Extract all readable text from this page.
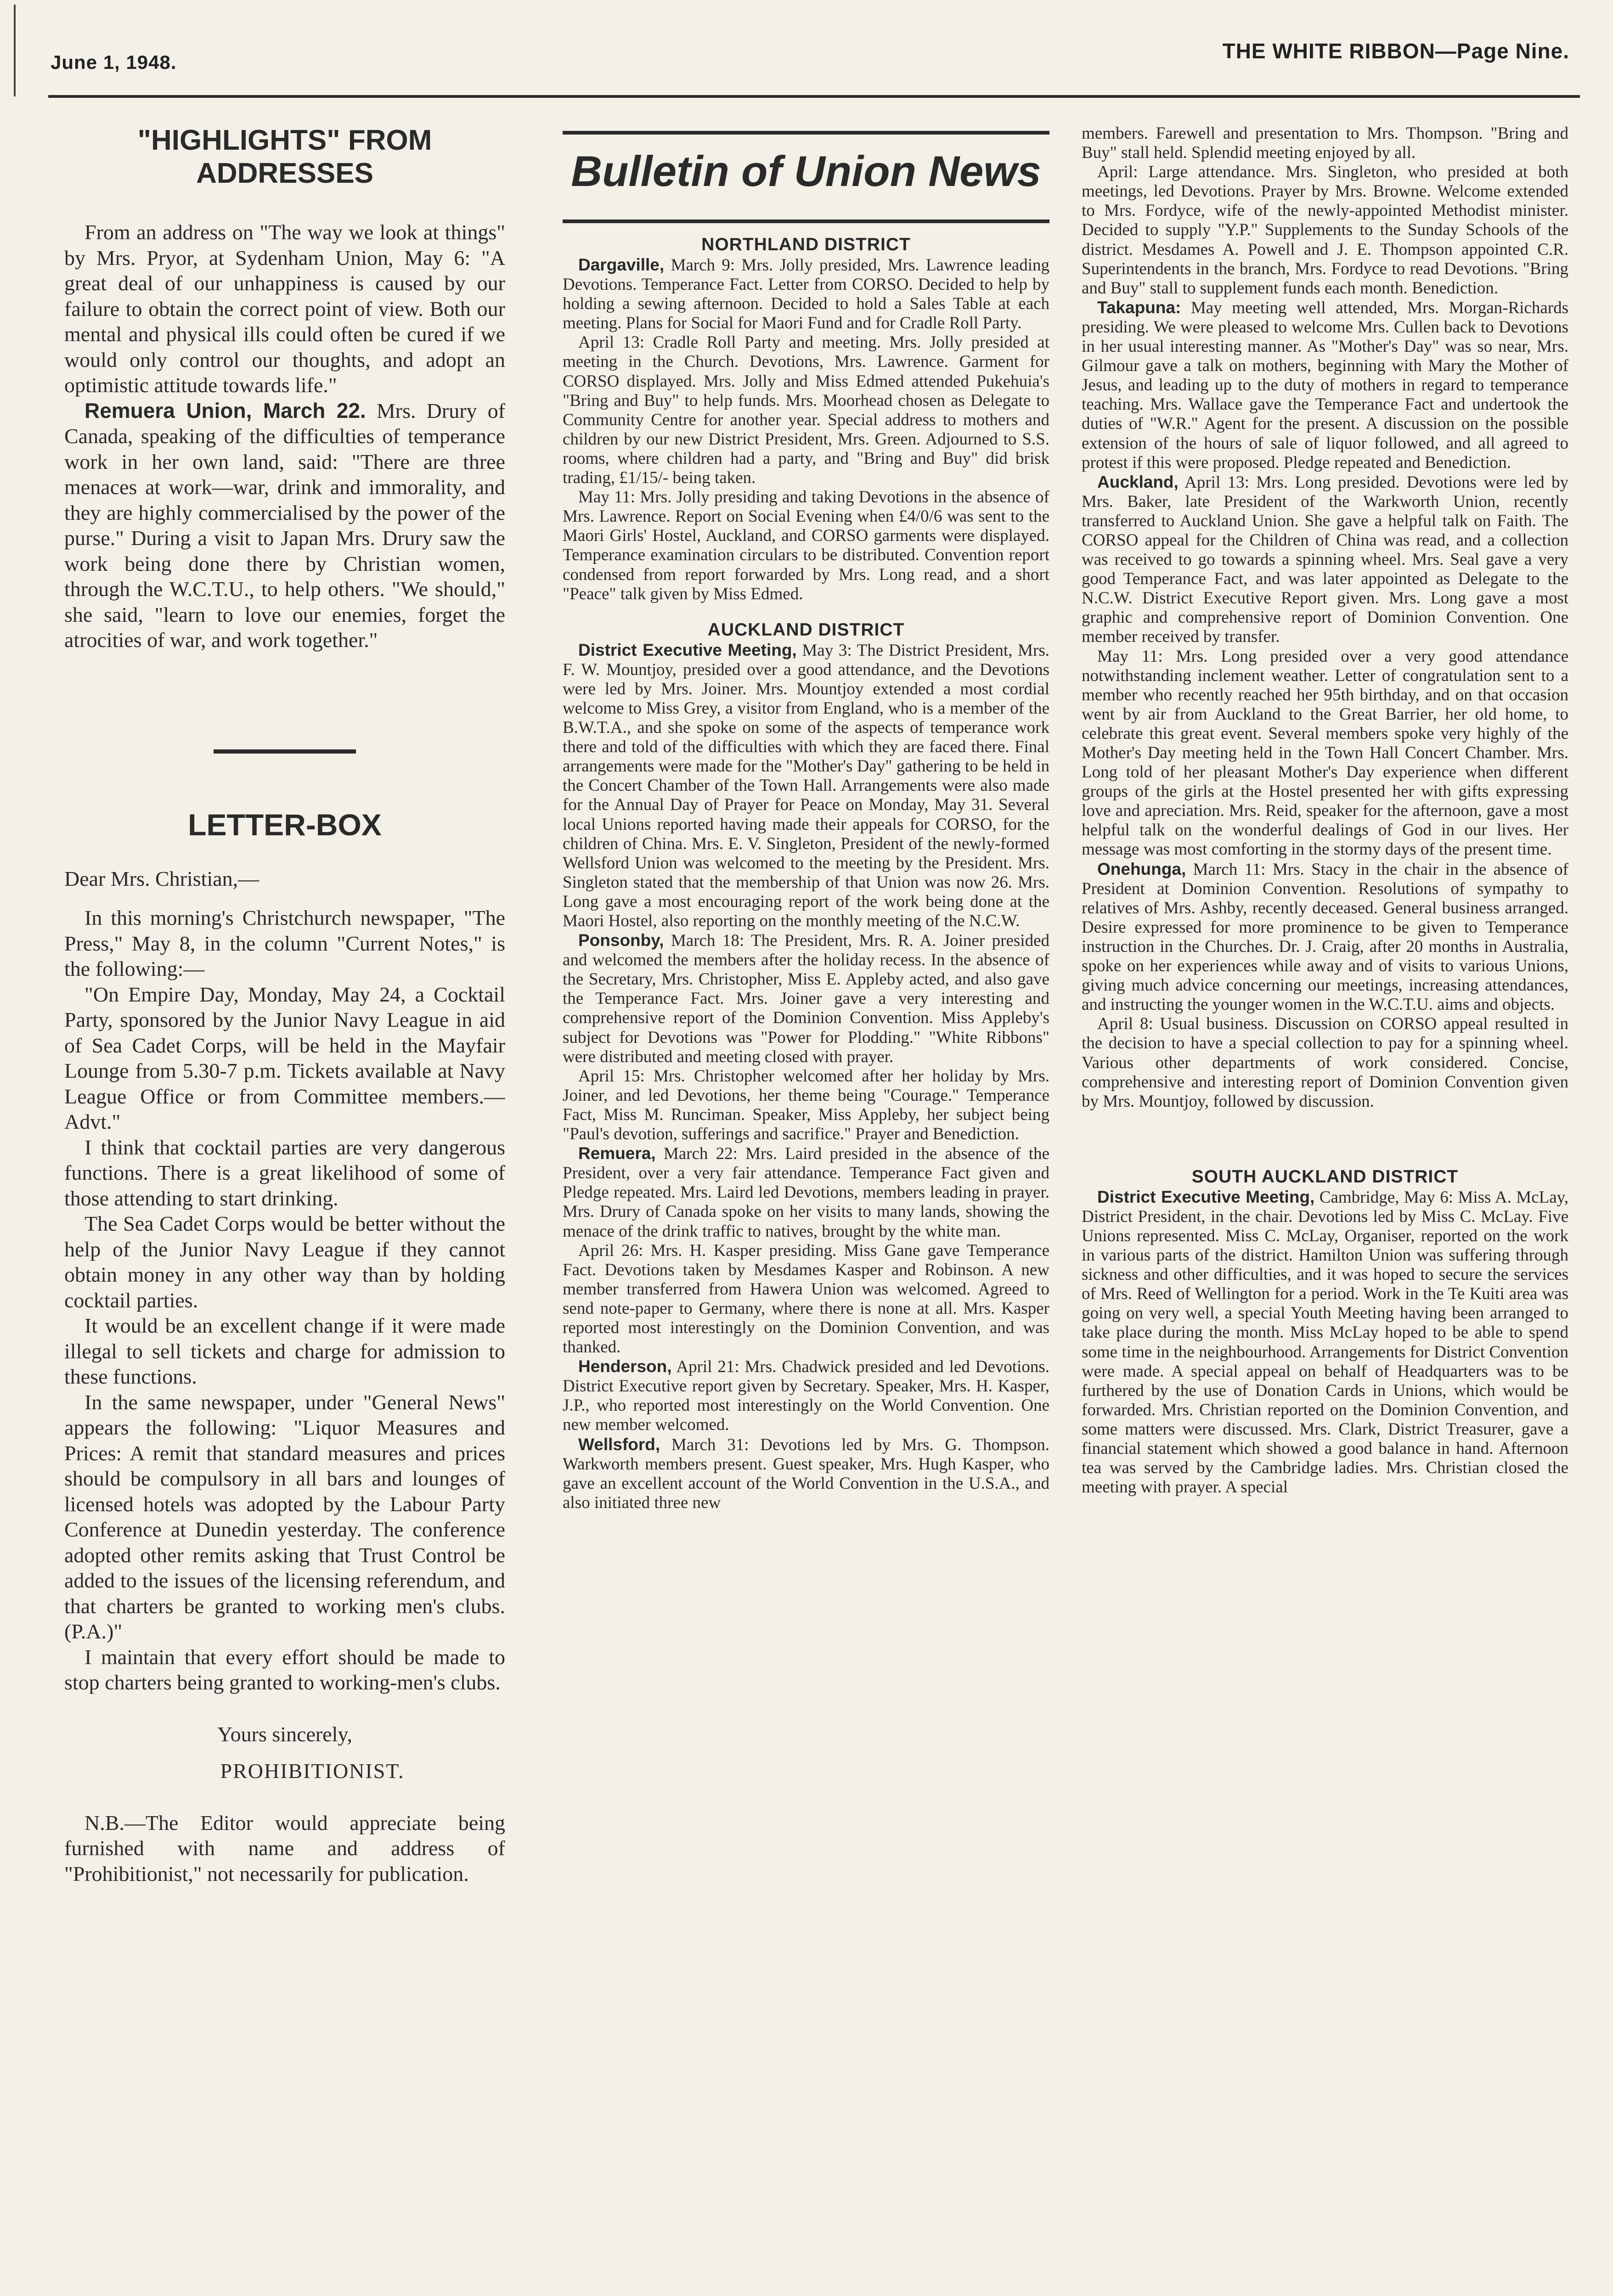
June 1, 1948.	THE WHITE RIBBON—Page Nine.

"HIGHLIGHTS" FROM

ADDRESSES

From an address on "The way we look at things" by Mrs. Pryor, at Sydenham Union, May 6: "A great deal of our unhappiness is caused by our failure to obtain the correct point of view. Both our mental and physical ills could often be cured if we would only control our thoughts, and adopt an optimistic attitude towards life."

Remuera Union, March 22. Mrs. Drury of Canada, speaking of the difficulties of temperance work in her own land, said: "There are three menaces at work—war, drink and immorality, and they are highly commercialised by the power of the purse." During a visit to Japan Mrs. Drury saw the work being done there by Christian women, through the W.C.T.U., to help others. "We should," she said, "learn to love our enemies, forget the atrocities of war, and work together."

LETTER-BOX

Dear Mrs. Christian,—

In this morning's Christchurch newspaper, "The Press," May 8, in the column "Current Notes," is the following:—

"On Empire Day, Monday, May 24, a Cocktail Party, sponsored by the Junior Navy League in aid of Sea Cadet Corps, will be held in the Mayfair Lounge from 5.30-7 p.m. Tickets available at Navy League Office or from Committee members.—Advt."

I think that cocktail parties are very dangerous functions. There is a great likelihood of some of those attending to start drinking.

The Sea Cadet Corps would be better without the help of the Junior Navy League if they cannot obtain money in any other way than by holding cocktail parties.

It would be an excellent change if it were made illegal to sell tickets and charge for admission to these functions.

In the same newspaper, under "General News" appears the following: "Liquor Measures and Prices: A remit that standard measures and prices should be compulsory in all bars and lounges of licensed hotels was adopted by the Labour Party Conference at Dunedin yesterday. The conference adopted other remits asking that Trust Control be added to the issues of the licensing referendum, and that charters be granted to working men's clubs. (P.A.)"

I maintain that every effort should be made to stop charters being granted to working-men's clubs.

Yours sincerely,

PROHIBITIONIST.

N.B.—The Editor would appreciate being furnished with name and address of "Prohibitionist," not necessarily for publication.

Bulletin of Union News

NORTHLAND DISTRICT

Dargaville, March 9: Mrs. Jolly presided, Mrs. Lawrence leading Devotions. Temperance Fact. Letter from CORSO. Decided to help by holding a sewing afternoon. Decided to hold a Sales Table at each meeting. Plans for Social for Maori Fund and for Cradle Roll Party.

April 13: Cradle Roll Party and meeting. Mrs. Jolly presided at meeting in the Church. Devotions, Mrs. Lawrence. Garment for CORSO displayed. Mrs. Jolly and Miss Edmed attended Pukehuia's "Bring and Buy" to help funds. Mrs. Moorhead chosen as Delegate to Community Centre for another year. Special address to mothers and children by our new District President, Mrs. Green. Adjourned to S.S. rooms, where children had a party, and "Bring and Buy" did brisk trading, £1/15/- being taken.

May 11: Mrs. Jolly presiding and taking Devotions in the absence of Mrs. Lawrence. Report on Social Evening when £4/0/6 was sent to the Maori Girls' Hostel, Auckland, and CORSO garments were displayed. Temperance examination circulars to be distributed. Convention report condensed from report forwarded by Mrs. Long read, and a short "Peace" talk given by Miss Edmed.

AUCKLAND DISTRICT

District Executive Meeting, May 3: The District President, Mrs. F. W. Mountjoy, presided over a good attendance, and the Devotions were led by Mrs. Joiner. Mrs. Mountjoy extended a most cordial welcome to Miss Grey, a visitor from England, who is a member of the B.W.T.A., and she spoke on some of the aspects of temperance work there and told of the difficulties with which they are faced there. Final arrangements were made for the "Mother's Day" gathering to be held in the Concert Chamber of the Town Hall. Arrangements were also made for the Annual Day of Prayer for Peace on Monday, May 31. Several local Unions reported having made their appeals for CORSO, for the children of China. Mrs. E. V. Singleton, President of the newly-formed Wellsford Union was welcomed to the meeting by the President. Mrs. Singleton stated that the membership of that Union was now 26. Mrs. Long gave a most encouraging report of the work being done at the Maori Hostel, also reporting on the monthly meeting of the N.C.W.

Ponsonby, March 18: The President, Mrs. R. A. Joiner presided and welcomed the members after the holiday recess. In the absence of the Secretary, Mrs. Christopher, Miss E. Appleby acted, and also gave the Temperance Fact. Mrs. Joiner gave a very interesting and comprehensive report of the Dominion Convention. Miss Appleby's subject for Devotions was "Power for Plodding." "White Ribbons" were distributed and meeting closed with prayer.

April 15: Mrs. Christopher welcomed after her holiday by Mrs. Joiner, and led Devotions, her theme being "Courage." Temperance Fact, Miss M. Runciman. Speaker, Miss Appleby, her subject being "Paul's devotion, sufferings and sacrifice." Prayer and Benediction.

Remuera, March 22: Mrs. Laird presided in the absence of the President, over a very fair attendance. Temperance Fact given and Pledge repeated. Mrs. Laird led Devotions, members leading in prayer. Mrs. Drury of Canada spoke on her visits to many lands, showing the menace of the drink traffic to natives, brought by the white man.

April 26: Mrs. H. Kasper presiding. Miss Gane gave Temperance Fact. Devotions taken by Mesdames Kasper and Robinson. A new member transferred from Hawera Union was welcomed. Agreed to send note-paper to Germany, where there is none at all. Mrs. Kasper reported most interestingly on the Dominion Convention, and was thanked.

Henderson, April 21: Mrs. Chadwick presided and led Devotions. District Executive report given by Secretary. Speaker, Mrs. H. Kasper, J.P., who reported most interestingly on the World Convention. One new member welcomed.

Wellsford, March 31: Devotions led by Mrs. G. Thompson. Warkworth members present. Guest speaker, Mrs. Hugh Kasper, who gave an excellent account of the World Convention in the U.S.A., and also initiated three new

members. Farewell and presentation to Mrs. Thompson. "Bring and Buy" stall held. Splendid meeting enjoyed by all.

April: Large attendance. Mrs. Singleton, who presided at both meetings, led Devotions. Prayer by Mrs. Browne. Welcome extended to Mrs. Fordyce, wife of the newly-appointed Methodist minister. Decided to supply "Y.P." Supplements to the Sunday Schools of the district. Mesdames A. Powell and J. E. Thompson appointed C.R. Superintendents in the branch, Mrs. Fordyce to read Devotions. "Bring and Buy" stall to supplement funds each month. Benediction.

Takapuna: May meeting well attended, Mrs. Morgan-Richards presiding. We were pleased to welcome Mrs. Cullen back to Devotions in her usual interesting manner. As "Mother's Day" was so near, Mrs. Gilmour gave a talk on mothers, beginning with Mary the Mother of Jesus, and leading up to the duty of mothers in regard to temperance teaching. Mrs. Wallace gave the Temperance Fact and undertook the duties of "W.R." Agent for the present. A discussion on the possible extension of the hours of sale of liquor followed, and all agreed to protest if this were proposed. Pledge repeated and Benediction.

Auckland, April 13: Mrs. Long presided. Devotions were led by Mrs. Baker, late President of the Warkworth Union, recently transferred to Auckland Union. She gave a helpful talk on Faith. The CORSO appeal for the Children of China was read, and a collection was received to go towards a spinning wheel. Mrs. Seal gave a very good Temperance Fact, and was later appointed as Delegate to the N.C.W. District Executive Report given. Mrs. Long gave a most graphic and comprehensive report of Dominion Convention. One member received by transfer.

May 11: Mrs. Long presided over a very good attendance notwithstanding inclement weather. Letter of congratulation sent to a member who recently reached her 95th birthday, and on that occasion went by air from Auckland to the Great Barrier, her old home, to celebrate this great event. Several members spoke very highly of the Mother's Day meeting held in the Town Hall Concert Chamber. Mrs. Long told of her pleasant Mother's Day experience when different groups of the girls at the Hostel presented her with gifts expressing love and apreciation. Mrs. Reid, speaker for the afternoon, gave a most helpful talk on the wonderful dealings of God in our lives. Her message was most comforting in the stormy days of the present time.

Onehunga, March 11: Mrs. Stacy in the chair in the absence of President at Dominion Convention. Resolutions of sympathy to relatives of Mrs. Ashby, recently deceased. General business arranged. Desire expressed for more prominence to be given to Temperance instruction in the Churches. Dr. J. Craig, after 20 months in Australia, spoke on her experiences while away and of visits to various Unions, giving much advice concerning our meetings, increasing attendances, and instructing the younger women in the W.C.T.U. aims and objects.

April 8: Usual business. Discussion on CORSO appeal resulted in the decision to have a special collection to pay for a spinning wheel. Various other departments of work considered. Concise, comprehensive and interesting report of Dominion Convention given by Mrs. Mountjoy, followed by discussion.

SOUTH AUCKLAND DISTRICT

District Executive Meeting, Cambridge, May 6: Miss A. McLay, District President, in the chair. Devotions led by Miss C. McLay. Five Unions represented. Miss C. McLay, Organiser, reported on the work in various parts of the district. Hamilton Union was suffering through sickness and other difficulties, and it was hoped to secure the services of Mrs. Reed of Wellington for a period. Work in the Te Kuiti area was going on very well, a special Youth Meeting having been arranged to take place during the month. Miss McLay hoped to be able to spend some time in the neighbourhood. Arrangements for District Convention were made. A special appeal on behalf of Headquarters was to be furthered by the use of Donation Cards in Unions, which would be forwarded. Mrs. Christian reported on the Dominion Convention, and some matters were discussed. Mrs. Clark, District Treasurer, gave a financial statement which showed a good balance in hand. Afternoon tea was served by the Cambridge ladies. Mrs. Christian closed the meeting with prayer. A special
